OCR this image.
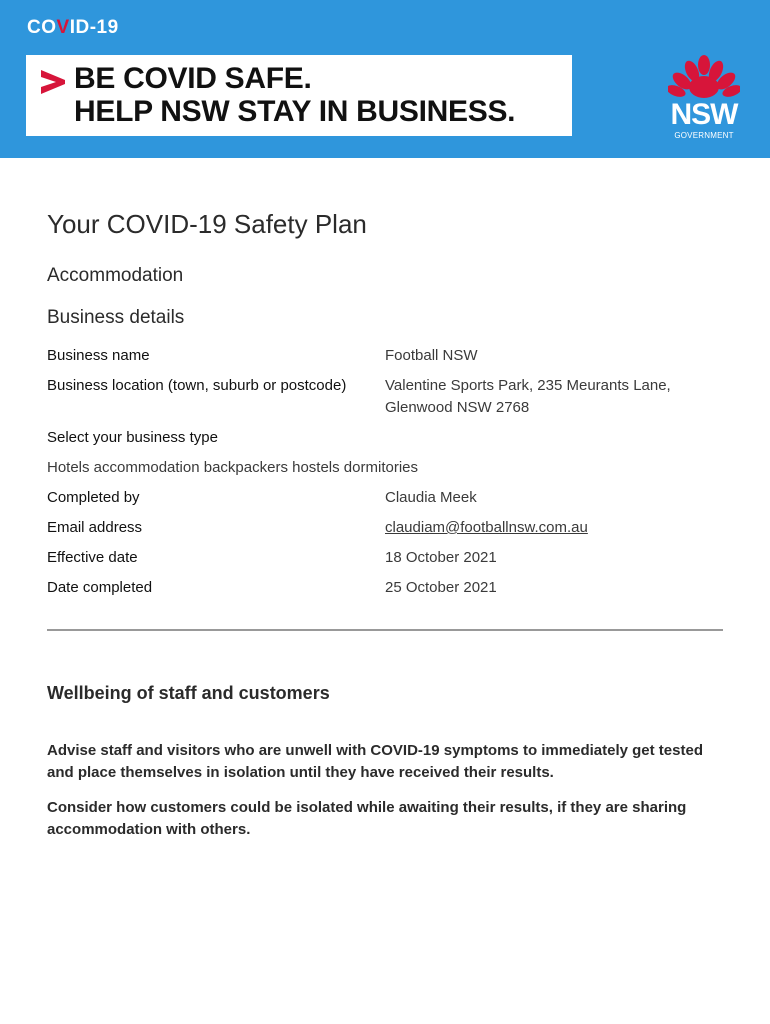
COVID-19
BE COVID SAFE.
HELP NSW STAY IN BUSINESS.	NSW
GOVERNMENT
Your COVID-19 Safety Plan
Accommodation
Business details
Business name	Football NSW
Business location (town, suburb or postcode)	Valentine Sports Park, 235 Meurants Lane, Glenwood NSW 2768
Select your business type
Hotels accommodation backpackers hostels dormitories
Completed by	Claudia Meek
Email address	claudiam@footballnsw.com.au
Effective date	18 October 2021
Date completed	25 October 2021
Wellbeing of staff and customers
Advise staff and visitors who are unwell with COVID-19 symptoms to immediately get tested and place themselves in isolation until they have received their results.
Consider how customers could be isolated while awaiting their results, if they are sharing accommodation with others.
